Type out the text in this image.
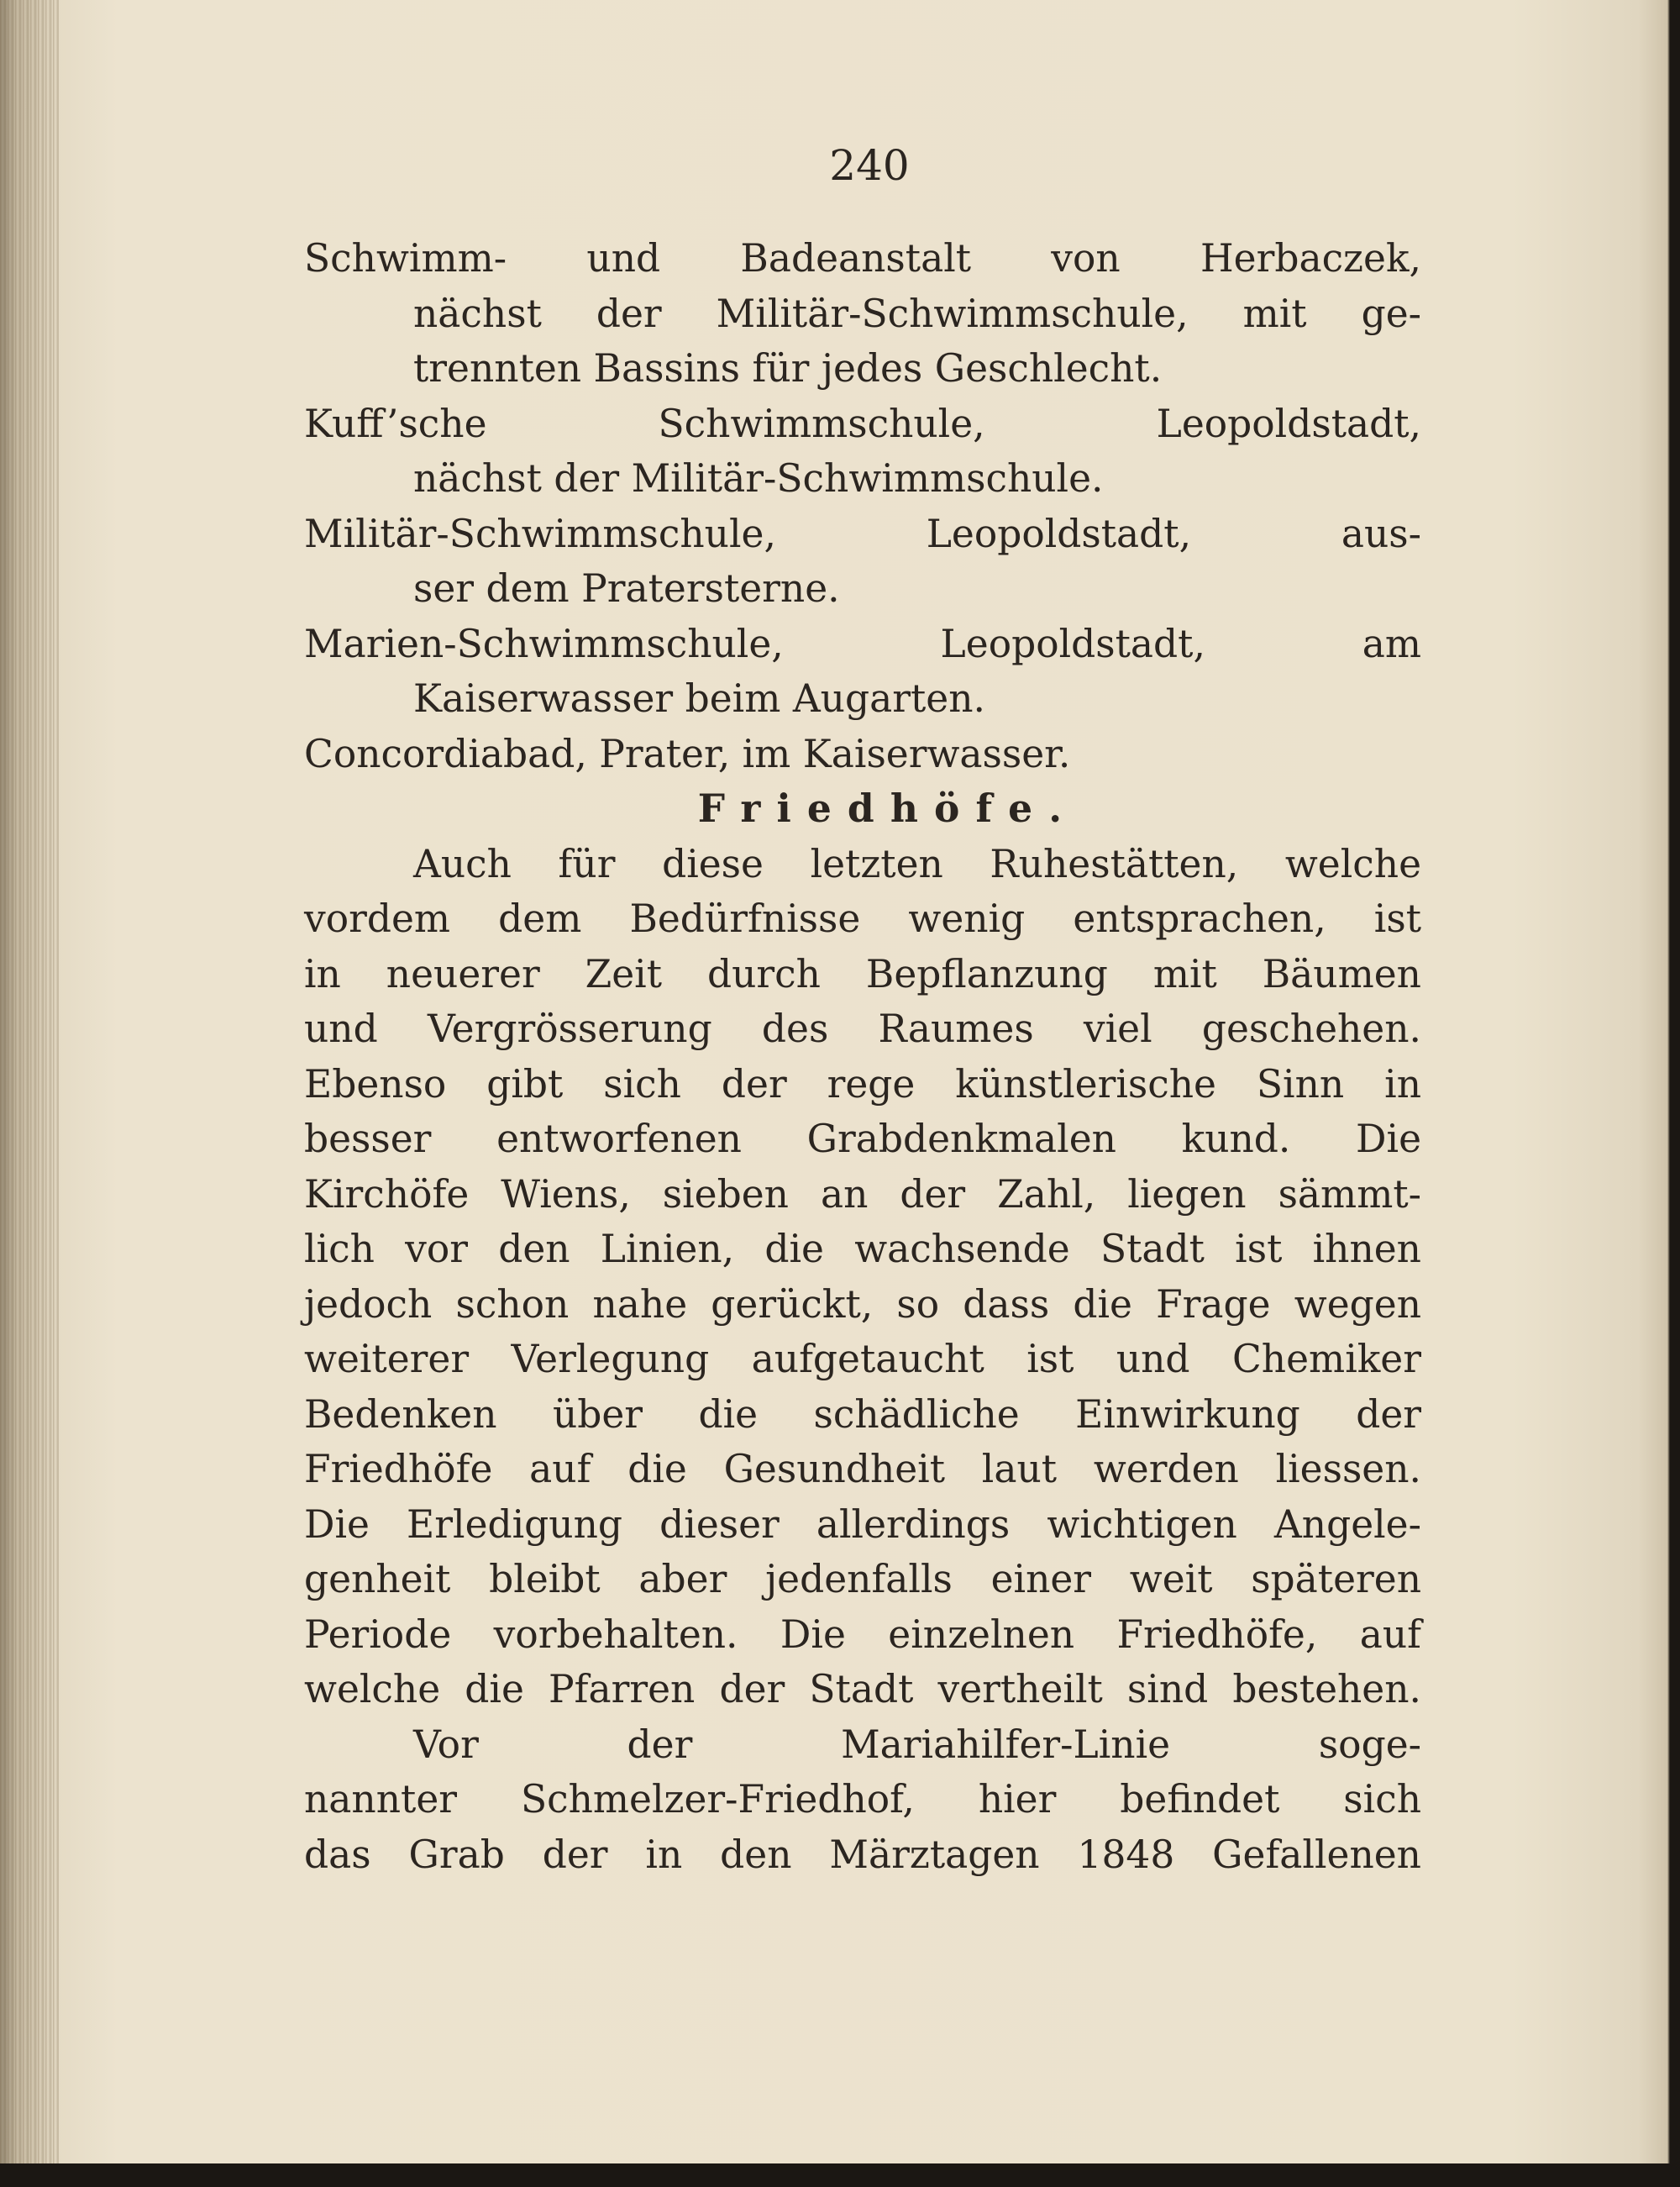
240
Schwimm- und Badeanstalt von Herbaczek,
nächst der Militär-Schwimmschule, mit ge-
trennten Bassins für jedes Geschlecht.
Kuff’sche Schwimmschule, Leopoldstadt,
nächst der Militär-Schwimmschule.
Militär-Schwimmschule, Leopoldstadt, aus-
ser dem Pratersterne.
Marien-Schwimmschule, Leopoldstadt, am
Kaiserwasser beim Augarten.
Concordiabad, Prater, im Kaiserwasser.
Friedhöfe.
Auch für diese letzten Ruhestätten, welche
vordem dem Bedürfnisse wenig entsprachen, ist
in neuerer Zeit durch Bepflanzung mit Bäumen
und Vergrösserung des Raumes viel geschehen.
Ebenso gibt sich der rege künstlerische Sinn in
besser entworfenen Grabdenkmalen kund. Die
Kirchöfe Wiens, sieben an der Zahl, liegen sämmt-
lich vor den Linien, die wachsende Stadt ist ihnen
jedoch schon nahe gerückt, so dass die Frage wegen
weiterer Verlegung aufgetaucht ist und Chemiker
Bedenken über die schädliche Einwirkung der
Friedhöfe auf die Gesundheit laut werden liessen.
Die Erledigung dieser allerdings wichtigen Angele-
genheit bleibt aber jedenfalls einer weit späteren
Periode vorbehalten. Die einzelnen Friedhöfe, auf
welche die Pfarren der Stadt vertheilt sind bestehen.
Vor der Mariahilfer-Linie soge-
nannter Schmelzer-Friedhof, hier befindet sich
das Grab der in den Märztagen 1848 Gefallenen
